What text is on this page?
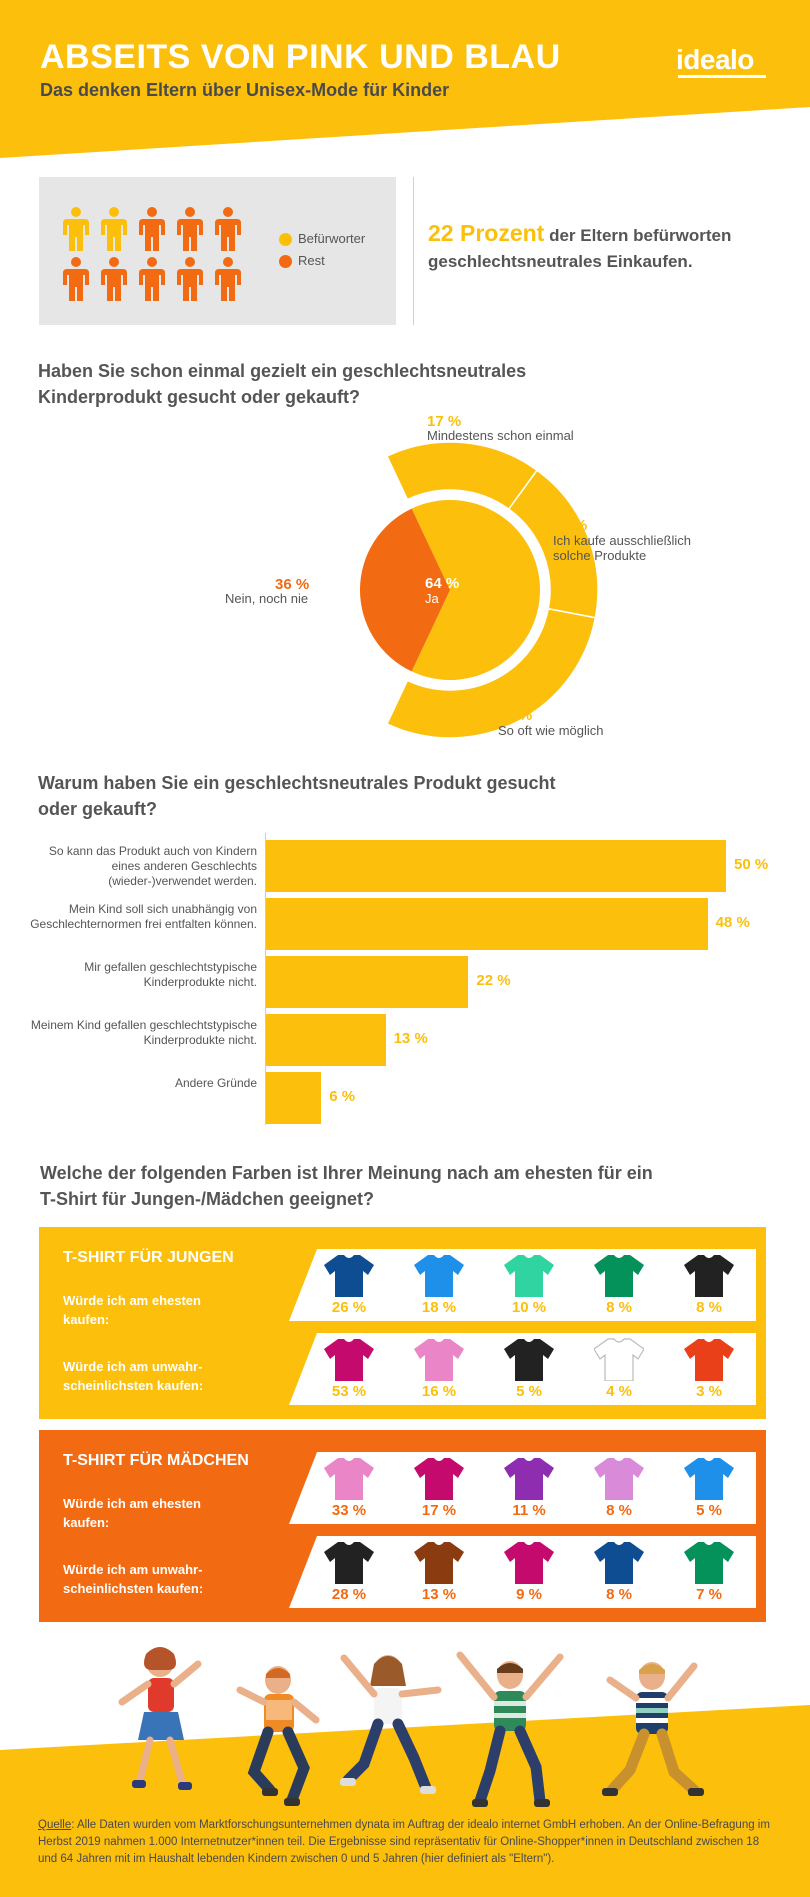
ABSEITS VON PINK UND BLAU
Das denken Eltern über Unisex-Mode für Kinder
idealo
Befürworter
Rest
22 Prozent der Eltern befürworten geschlechtsneutrales Einkaufen.
Haben Sie schon einmal gezielt ein geschlechtsneutrales Kinderprodukt gesucht oder gekauft?
17 %
Mindestens schon einmal
18 %
Ich kaufe ausschließlich solche Produkte
29 %
So oft wie möglich
36 %
Nein, noch nie
64 %
Ja
Warum haben Sie ein geschlechtsneutrales Produkt gesucht oder gekauft?
So kann das Produkt auch von Kindern eines anderen Geschlechts (wieder-)verwendet werden.
50 %
Mein Kind soll sich unabhängig von Geschlechternormen frei entfalten können.	48 %
Mir gefallen geschlechtstypische Kinderprodukte nicht.	22 %
Meinem Kind gefallen geschlechtstypische Kinderprodukte nicht.	13 %
Andere Gründe
6 %
Welche der folgenden Farben ist Ihrer Meinung nach am ehesten für ein T-Shirt für Jungen-/Mädchen geeignet?
T-SHIRT FÜR JUNGEN
Würde ich am ehesten kaufen:
26 %	18 %	10 %	8 %	8 %
Würde ich am unwahr-scheinlichsten kaufen:	53 %	16 %	5 %	4 %	3 %
T-SHIRT FÜR MÄDCHEN
Würde ich am ehesten kaufen:
33 %	17 %	11 %	8 %	5 %
Würde ich am unwahr-scheinlichsten kaufen:	28 %	13 %	9 %	8 %	7 %
Quelle: Alle Daten wurden vom Marktforschungsunternehmen dynata im Auftrag der idealo internet GmbH erhoben. An der Online-Befragung im Herbst 2019 nahmen 1.000 Internetnutzer*innen teil. Die Ergebnisse sind repräsentativ für Online-Shopper*innen in Deutschland zwischen 18 und 64 Jahren mit im Haushalt lebenden Kindern zwischen 0 und 5 Jahren (hier definiert als "Eltern").
